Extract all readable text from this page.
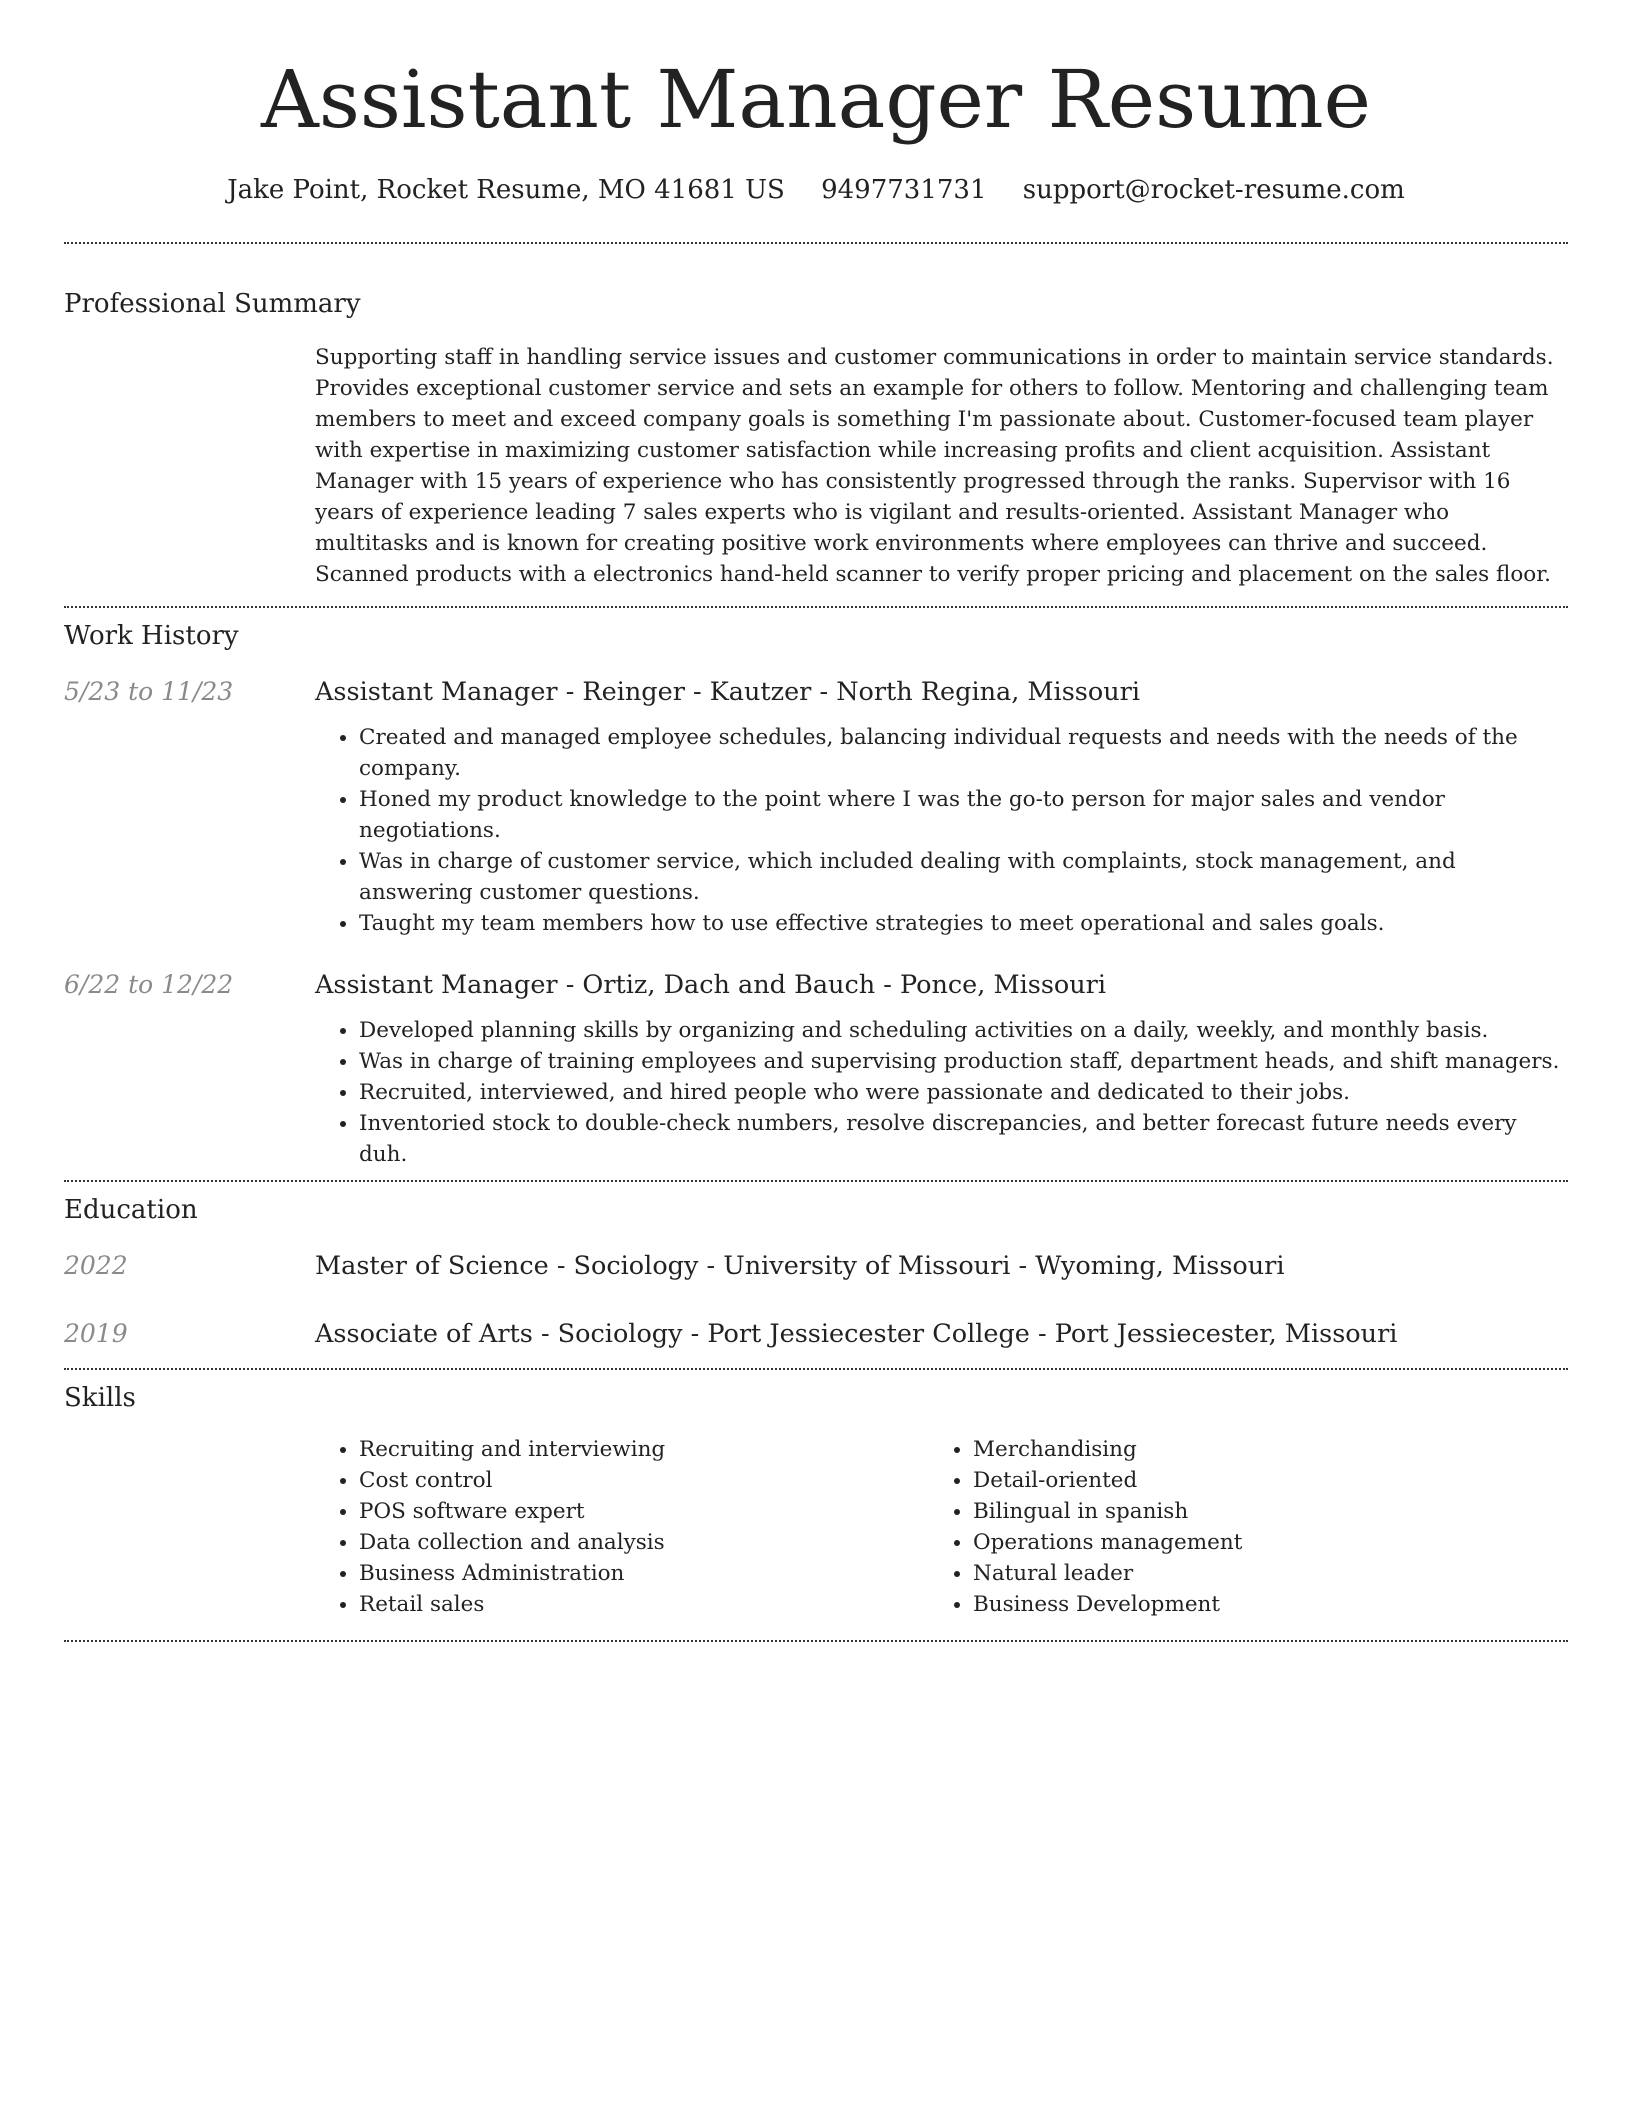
Assistant Manager Resume
Jake Point, Rocket Resume, MO 41681 US 9497731731 support@rocket-resume.com
Professional Summary

Supporting staff in handling service issues and customer communications in order to maintain service standards. Provides exceptional customer service and sets an example for others to follow. Mentoring and challenging team members to meet and exceed company goals is something I'm passionate about. Customer-focused team player with expertise in maximizing customer satisfaction while increasing profits and client acquisition. Assistant Manager with 15 years of experience who has consistently progressed through the ranks. Supervisor with 16 years of experience leading 7 sales experts who is vigilant and results-oriented. Assistant Manager who multitasks and is known for creating positive work environments where employees can thrive and succeed. Scanned products with a electronics hand-held scanner to verify proper pricing and placement on the sales floor.

Work History
5/23 to 11/23	Assistant Manager - Reinger - Kautzer - North Regina, Missouri
• Created and managed employee schedules, balancing individual requests and needs with the needs of the company.
• Honed my product knowledge to the point where I was the go-to person for major sales and vendor negotiations.
• Was in charge of customer service, which included dealing with complaints, stock management, and answering customer questions.
• Taught my team members how to use effective strategies to meet operational and sales goals.
6/22 to 12/22	Assistant Manager - Ortiz, Dach and Bauch - Ponce, Missouri
• Developed planning skills by organizing and scheduling activities on a daily, weekly, and monthly basis.
• Was in charge of training employees and supervising production staff, department heads, and shift managers.
• Recruited, interviewed, and hired people who were passionate and dedicated to their jobs.
• Inventoried stock to double-check numbers, resolve discrepancies, and better forecast future needs every duh.
Education
2022	Master of Science - Sociology - University of Missouri - Wyoming, Missouri
2019	Associate of Arts - Sociology - Port Jessiecester College - Port Jessiecester, Missouri
Skills
• Recruiting and interviewing
• Cost control
• POS software expert
• Data collection and analysis
• Business Administration
• Retail sales
• Merchandising
• Detail-oriented
• Bilingual in spanish
• Operations management
• Natural leader
• Business Development
